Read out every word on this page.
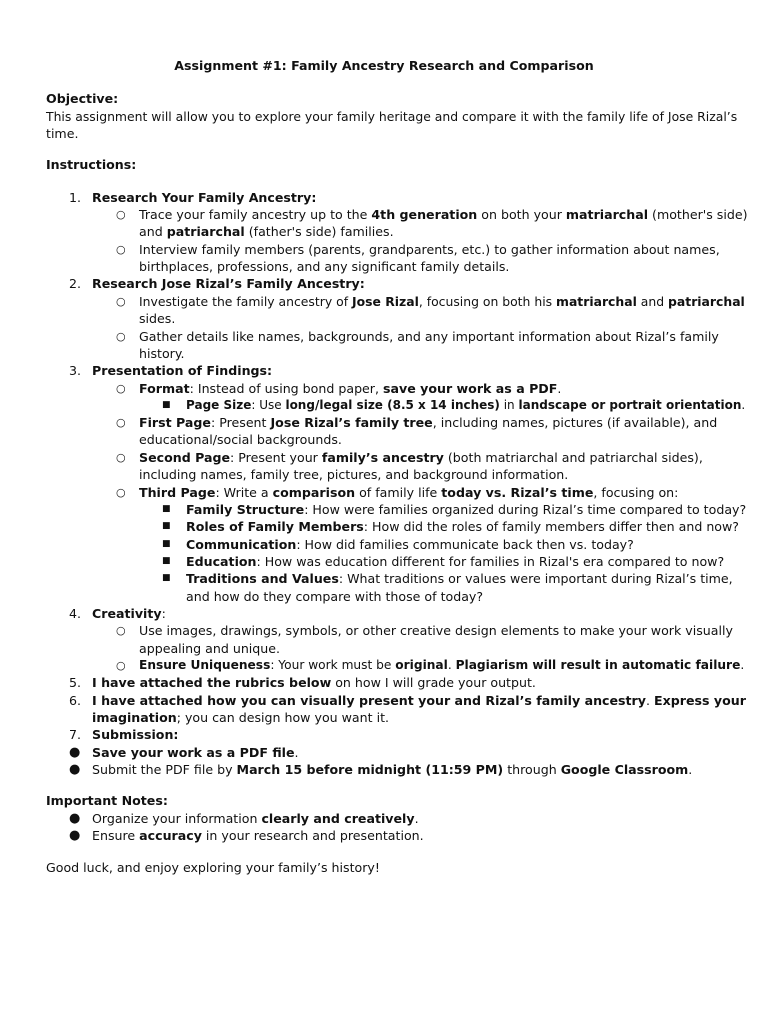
Assignment #1: Family Ancestry Research and Comparison
Objective:
This assignment will allow you to explore your family heritage and compare it with the family life of Jose Rizal’s
time.
Instructions:
1. Research Your Family Ancestry:
○ Trace your family ancestry up to the 4th generation on both your matriarchal (mother's side)
and patriarchal (father's side) families.
○ Interview family members (parents, grandparents, etc.) to gather information about names,
birthplaces, professions, and any significant family details.
2. Research Jose Rizal’s Family Ancestry:
○ Investigate the family ancestry of Jose Rizal, focusing on both his matriarchal and patriarchal
sides.
○ Gather details like names, backgrounds, and any important information about Rizal’s family
history.
3. Presentation of Findings:
○ Format: Instead of using bond paper, save your work as a PDF.
■ Page Size: Use long/legal size (8.5 x 14 inches) in landscape or portrait orientation.
○ First Page: Present Jose Rizal’s family tree, including names, pictures (if available), and
educational/social backgrounds.
○ Second Page: Present your family’s ancestry (both matriarchal and patriarchal sides),
including names, family tree, pictures, and background information.
○ Third Page: Write a comparison of family life today vs. Rizal’s time, focusing on:
■ Family Structure: How were families organized during Rizal’s time compared to today?
■ Roles of Family Members: How did the roles of family members differ then and now?
■ Communication: How did families communicate back then vs. today?
■ Education: How was education different for families in Rizal's era compared to now?
■ Traditions and Values: What traditions or values were important during Rizal’s time,
and how do they compare with those of today?
4. Creativity:
○ Use images, drawings, symbols, or other creative design elements to make your work visually
appealing and unique.
○ Ensure Uniqueness: Your work must be original. Plagiarism will result in automatic failure.
5. I have attached the rubrics below on how I will grade your output.
6. I have attached how you can visually present your and Rizal’s family ancestry. Express your
imagination; you can design how you want it.
7. Submission:
● Save your work as a PDF file.
● Submit the PDF file by March 15 before midnight (11:59 PM) through Google Classroom.
Important Notes:
● Organize your information clearly and creatively.
● Ensure accuracy in your research and presentation.
Good luck, and enjoy exploring your family’s history!
